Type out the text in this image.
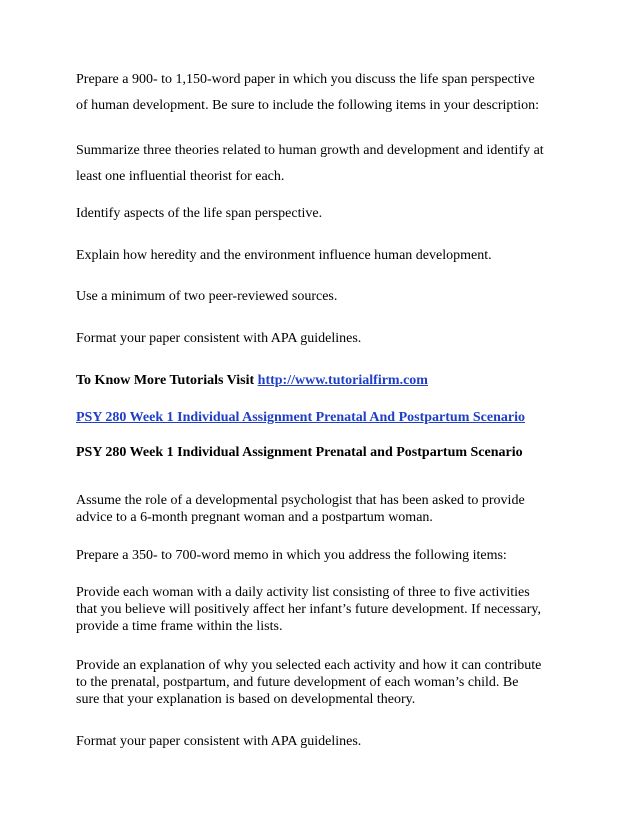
Prepare a 900- to 1,150-word paper in which you discuss the life span perspective
of human development. Be sure to include the following items in your description:

Summarize three theories related to human growth and development and identify at
least one influential theorist for each.

Identify aspects of the life span perspective.

Explain how heredity and the environment influence human development.

Use a minimum of two peer-reviewed sources.

Format your paper consistent with APA guidelines.

To Know More Tutorials Visit http://www.tutorialfirm.com

PSY 280 Week 1 Individual Assignment Prenatal And Postpartum Scenario

PSY 280 Week 1 Individual Assignment Prenatal and Postpartum Scenario

Assume the role of a developmental psychologist that has been asked to provide
advice to a 6-month pregnant woman and a postpartum woman.

Prepare a 350- to 700-word memo in which you address the following items:

Provide each woman with a daily activity list consisting of three to five activities
that you believe will positively affect her infant’s future development. If necessary,
provide a time frame within the lists.

Provide an explanation of why you selected each activity and how it can contribute
to the prenatal, postpartum, and future development of each woman’s child. Be
sure that your explanation is based on developmental theory.

Format your paper consistent with APA guidelines.
